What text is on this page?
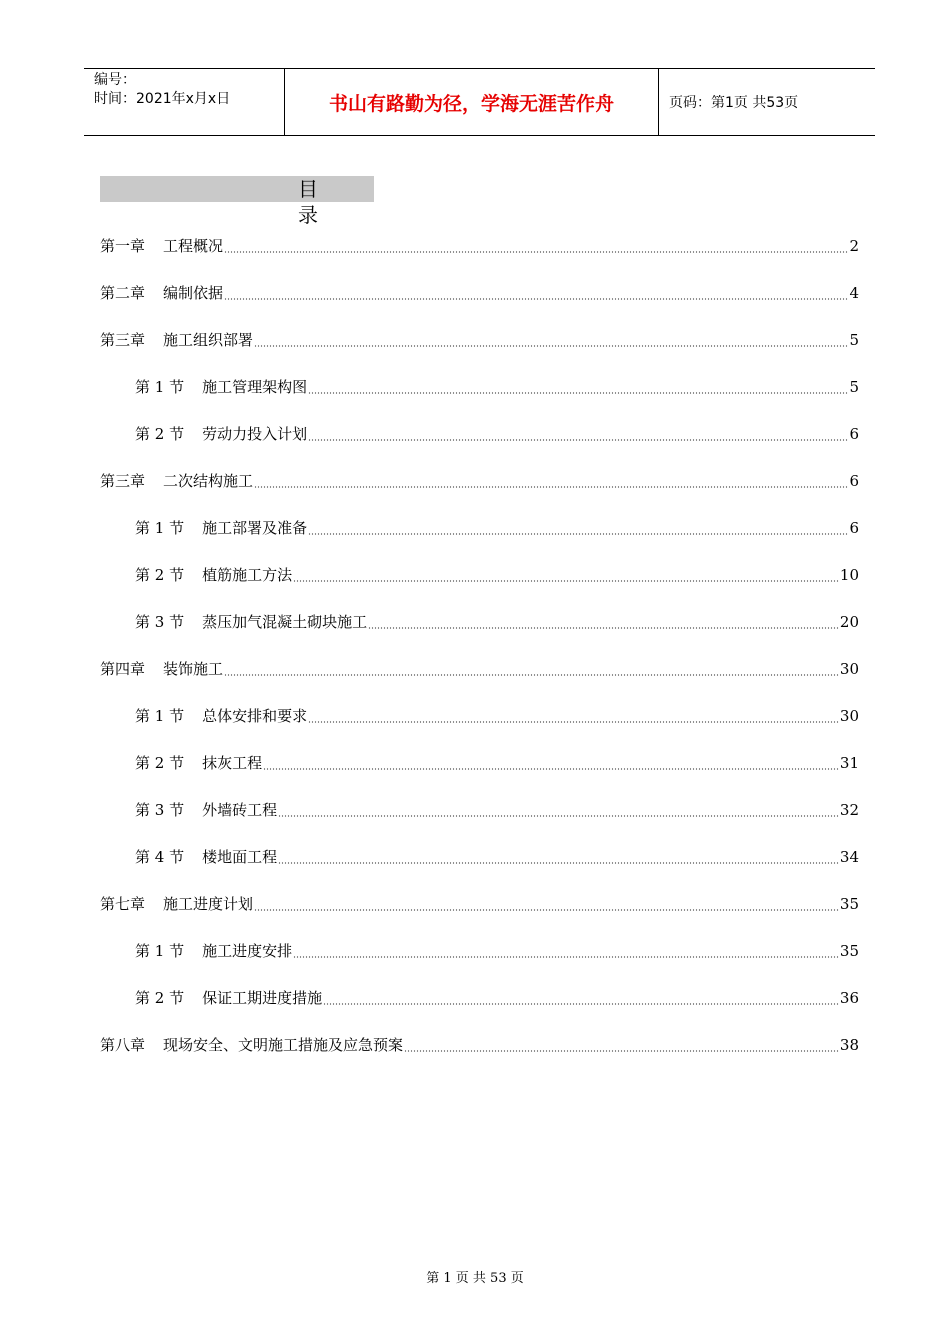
编号：
时间：2021年x月x日	书山有路勤为径，学海无涯苦作舟	页码：第1页 共53页
目 录
第一章 工程概况	2
第二章 编制依据	4
第三章 施工组织部署	5
第 1 节 施工管理架构图	5
第 2 节 劳动力投入计划	6
第三章 二次结构施工	6
第 1 节 施工部署及准备	6
第 2 节 植筋施工方法	10
第 3 节 蒸压加气混凝土砌块施工	20
第四章 装饰施工	30
第 1 节 总体安排和要求	30
第 2 节 抹灰工程	31
第 3 节 外墙砖工程	32
第 4 节 楼地面工程	34
第七章 施工进度计划	35
第 1 节 施工进度安排	35
第 2 节 保证工期进度措施	36
第八章 现场安全、文明施工措施及应急预案	38
第 1 页 共 53 页
